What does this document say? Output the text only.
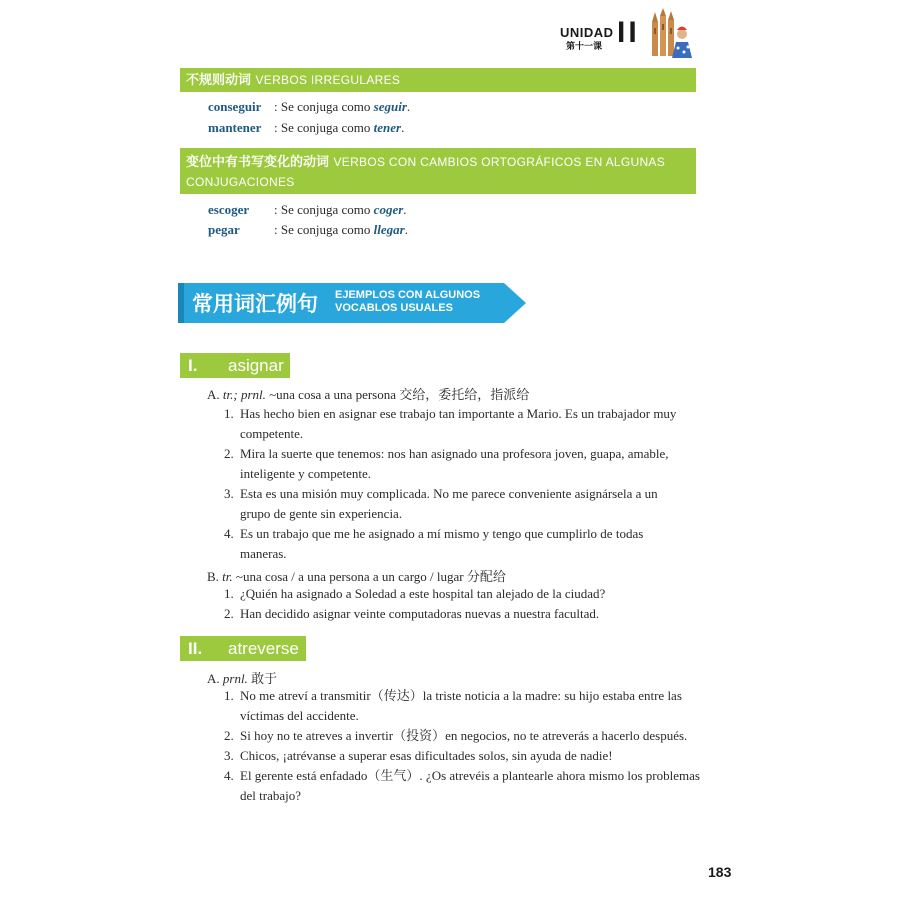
UNIDAD
第十一课 II
不规则动词 VERBOS IRREGULARES
conseguir : Se conjuga como seguir.
mantener : Se conjuga como tener.
变位中有书写变化的动词 VERBOS CON CAMBIOS ORTOGRÁFICOS EN ALGUNAS
CONJUGACIONES
escoger : Se conjuga como coger.
pegar	: Se conjuga como llegar.
常用词汇例句 EJEMPLOS CON ALGUNOS
VOCABLOS USUALES
I. asignar
A. tr.; prnl. ~una cosa a una persona 交给，委托给，指派给
1. Has hecho bien en asignar ese trabajo tan importante a Mario. Es un trabajador muy
competente.
2. Mira la suerte que tenemos: nos han asignado una profesora joven, guapa, amable,
inteligente y competente.
3. Esta es una misión muy complicada. No me parece conveniente asignársela a un
grupo de gente sin experiencia.
4. Es un trabajo que me he asignado a mí mismo y tengo que cumplirlo de todas
maneras.
B. tr. ~una cosa / a una persona a un cargo / lugar 分配给
1. ¿Quién ha asignado a Soledad a este hospital tan alejado de la ciudad?
2. Han decidido asignar veinte computadoras nuevas a nuestra facultad.
II. atreverse
A. prnl. 敢于
1. No me atreví a transmitir（传达）la triste noticia a la madre: su hijo estaba entre las
víctimas del accidente.
2. Si hoy no te atreves a invertir（投资）en negocios, no te atreverás a hacerlo después.
3. Chicos, ¡atrévanse a superar esas dificultades solos, sin ayuda de nadie!
4. El gerente está enfadado（生气）. ¿Os atrevéis a plantearle ahora mismo los problemas
del trabajo?
183
